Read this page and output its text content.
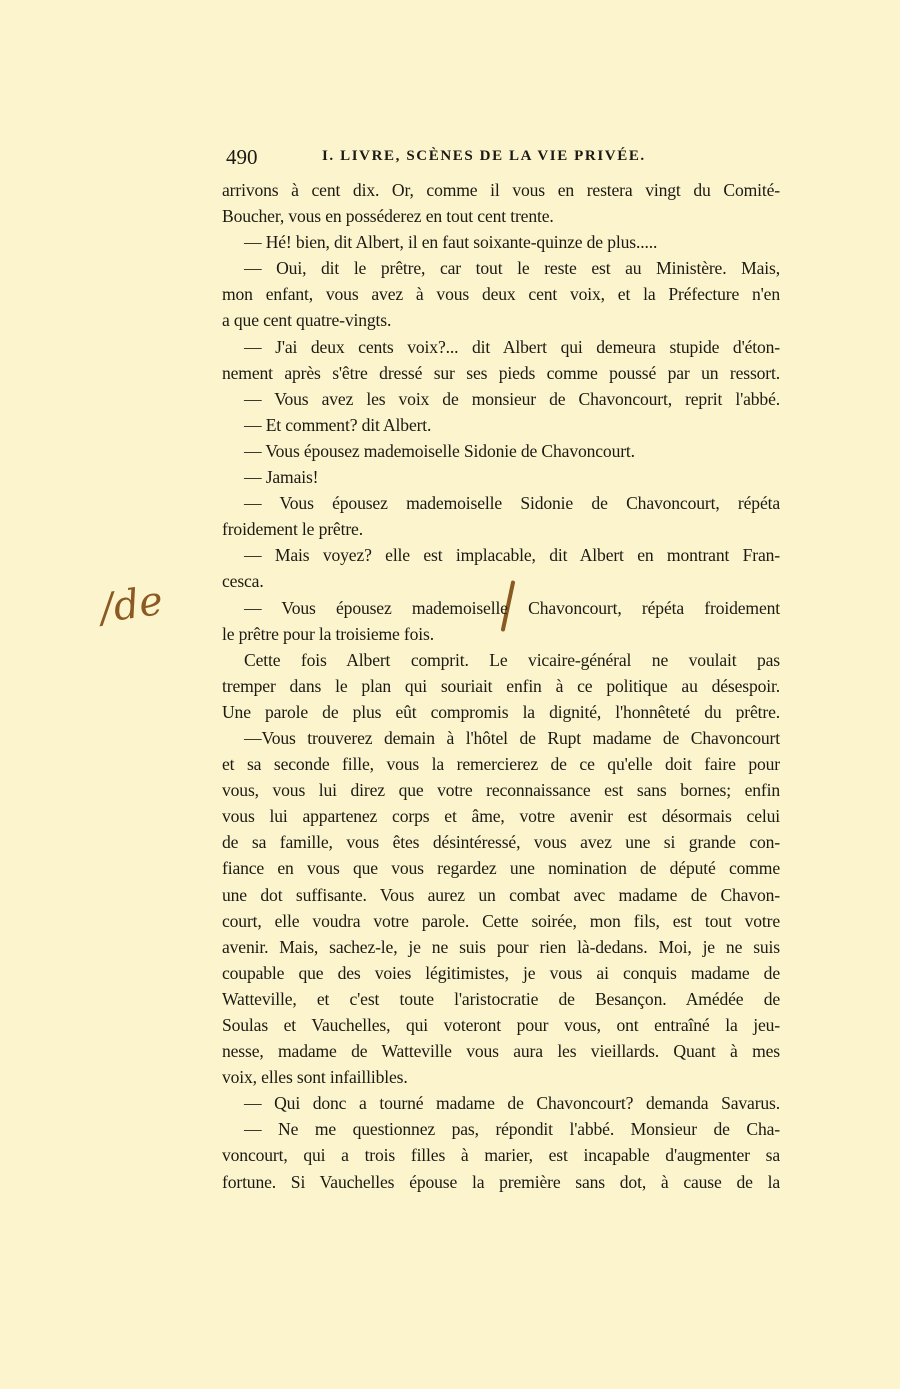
490	I. LIVRE, SCÈNES DE LA VIE PRIVÉE.
/de
arrivons à cent dix. Or, comme il vous en restera vingt du Comité-
Boucher, vous en posséderez en tout cent trente.
— Hé! bien, dit Albert, il en faut soixante-quinze de plus.....
— Oui, dit le prêtre, car tout le reste est au Ministère. Mais,
mon enfant, vous avez à vous deux cent voix, et la Préfecture n'en
a que cent quatre-vingts.
— J'ai deux cents voix?... dit Albert qui demeura stupide d'éton-
nement après s'être dressé sur ses pieds comme poussé par un ressort.
— Vous avez les voix de monsieur de Chavoncourt, reprit l'abbé.
— Et comment? dit Albert.
— Vous épousez mademoiselle Sidonie de Chavoncourt.
— Jamais!
— Vous épousez mademoiselle Sidonie de Chavoncourt, répéta
froidement le prêtre.
— Mais voyez? elle est implacable, dit Albert en montrant Fran-
cesca.
— Vous épousez mademoiselle Chavoncourt, répéta froidement
le prêtre pour la troisieme fois.
Cette fois Albert comprit. Le vicaire-général ne voulait pas
tremper dans le plan qui souriait enfin à ce politique au désespoir.
Une parole de plus eût compromis la dignité, l'honnêteté du prêtre.
—Vous trouverez demain à l'hôtel de Rupt madame de Chavoncourt
et sa seconde fille, vous la remercierez de ce qu'elle doit faire pour
vous, vous lui direz que votre reconnaissance est sans bornes; enfin
vous lui appartenez corps et âme, votre avenir est désormais celui
de sa famille, vous êtes désintéressé, vous avez une si grande con-
fiance en vous que vous regardez une nomination de député comme
une dot suffisante. Vous aurez un combat avec madame de Chavon-
court, elle voudra votre parole. Cette soirée, mon fils, est tout votre
avenir. Mais, sachez-le, je ne suis pour rien là-dedans. Moi, je ne suis
coupable que des voies légitimistes, je vous ai conquis madame de
Watteville, et c'est toute l'aristocratie de Besançon. Amédée de
Soulas et Vauchelles, qui voteront pour vous, ont entraîné la jeu-
nesse, madame de Watteville vous aura les vieillards. Quant à mes
voix, elles sont infaillibles.
— Qui donc a tourné madame de Chavoncourt? demanda Savarus.
— Ne me questionnez pas, répondit l'abbé. Monsieur de Cha-
voncourt, qui a trois filles à marier, est incapable d'augmenter sa
fortune. Si Vauchelles épouse la première sans dot, à cause de la
